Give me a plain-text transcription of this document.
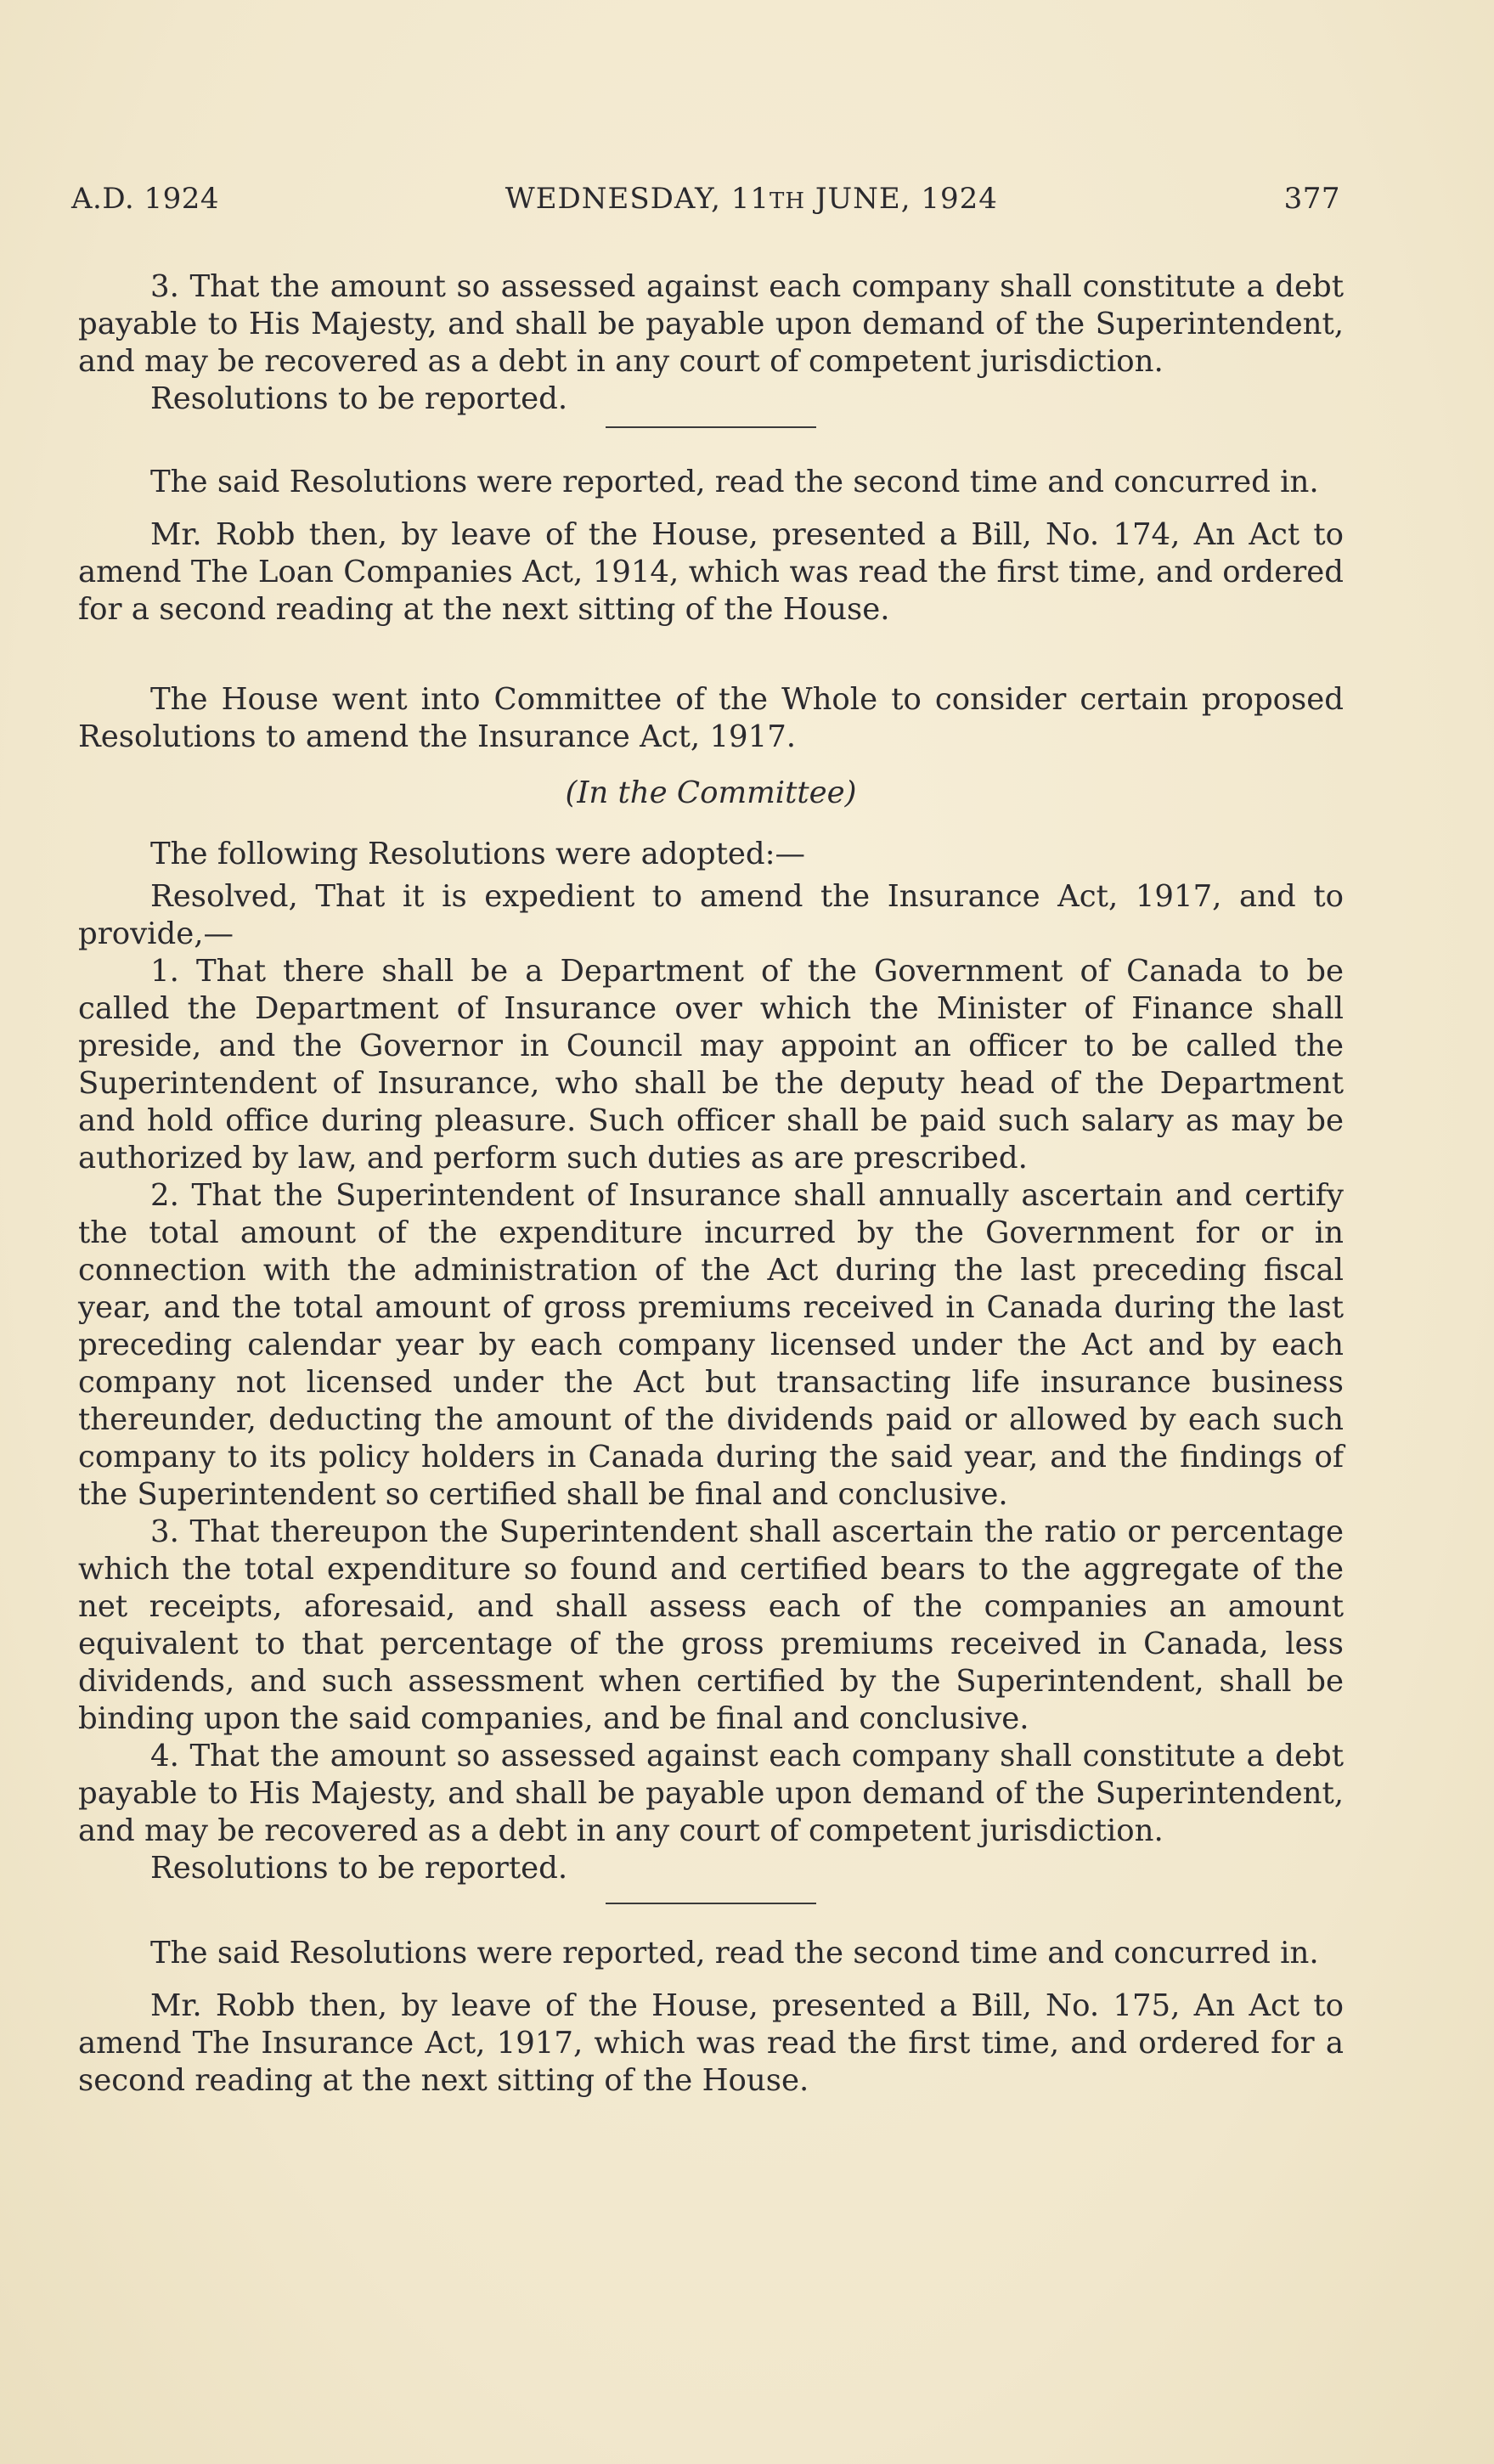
A.D. 1924	WEDNESDAY, 11TH JUNE, 1924	377

3. That the amount so assessed against each company shall constitute a debt payable to His Majesty, and shall be payable upon demand of the Superintendent, and may be recovered as a debt in any court of competent jurisdiction.

Resolutions to be reported.

The said Resolutions were reported, read the second time and concurred in.

Mr. Robb then, by leave of the House, presented a Bill, No. 174, An Act to amend The Loan Companies Act, 1914, which was read the first time, and ordered for a second reading at the next sitting of the House.

The House went into Committee of the Whole to consider certain proposed Resolutions to amend the Insurance Act, 1917.

(In the Committee)

The following Resolutions were adopted:—

Resolved, That it is expedient to amend the Insurance Act, 1917, and to provide,—

1. That there shall be a Department of the Government of Canada to be called the Department of Insurance over which the Minister of Finance shall preside, and the Governor in Council may appoint an officer to be called the Superintendent of Insurance, who shall be the deputy head of the Department and hold office during pleasure. Such officer shall be paid such salary as may be authorized by law, and perform such duties as are prescribed.

2. That the Superintendent of Insurance shall annually ascertain and certify the total amount of the expenditure incurred by the Government for or in connection with the administration of the Act during the last preceding fiscal year, and the total amount of gross premiums received in Canada during the last preceding calendar year by each company licensed under the Act and by each company not licensed under the Act but transacting life insurance business thereunder, deducting the amount of the dividends paid or allowed by each such company to its policy holders in Canada during the said year, and the findings of the Superintendent so certified shall be final and conclusive.

3. That thereupon the Superintendent shall ascertain the ratio or percentage which the total expenditure so found and certified bears to the aggregate of the net receipts, aforesaid, and shall assess each of the companies an amount equivalent to that percentage of the gross premiums received in Canada, less dividends, and such assessment when certified by the Superintendent, shall be binding upon the said companies, and be final and conclusive.

4. That the amount so assessed against each company shall constitute a debt payable to His Majesty, and shall be payable upon demand of the Superintendent, and may be recovered as a debt in any court of competent jurisdiction.

Resolutions to be reported.

The said Resolutions were reported, read the second time and concurred in.

Mr. Robb then, by leave of the House, presented a Bill, No. 175, An Act to amend The Insurance Act, 1917, which was read the first time, and ordered for a second reading at the next sitting of the House.
